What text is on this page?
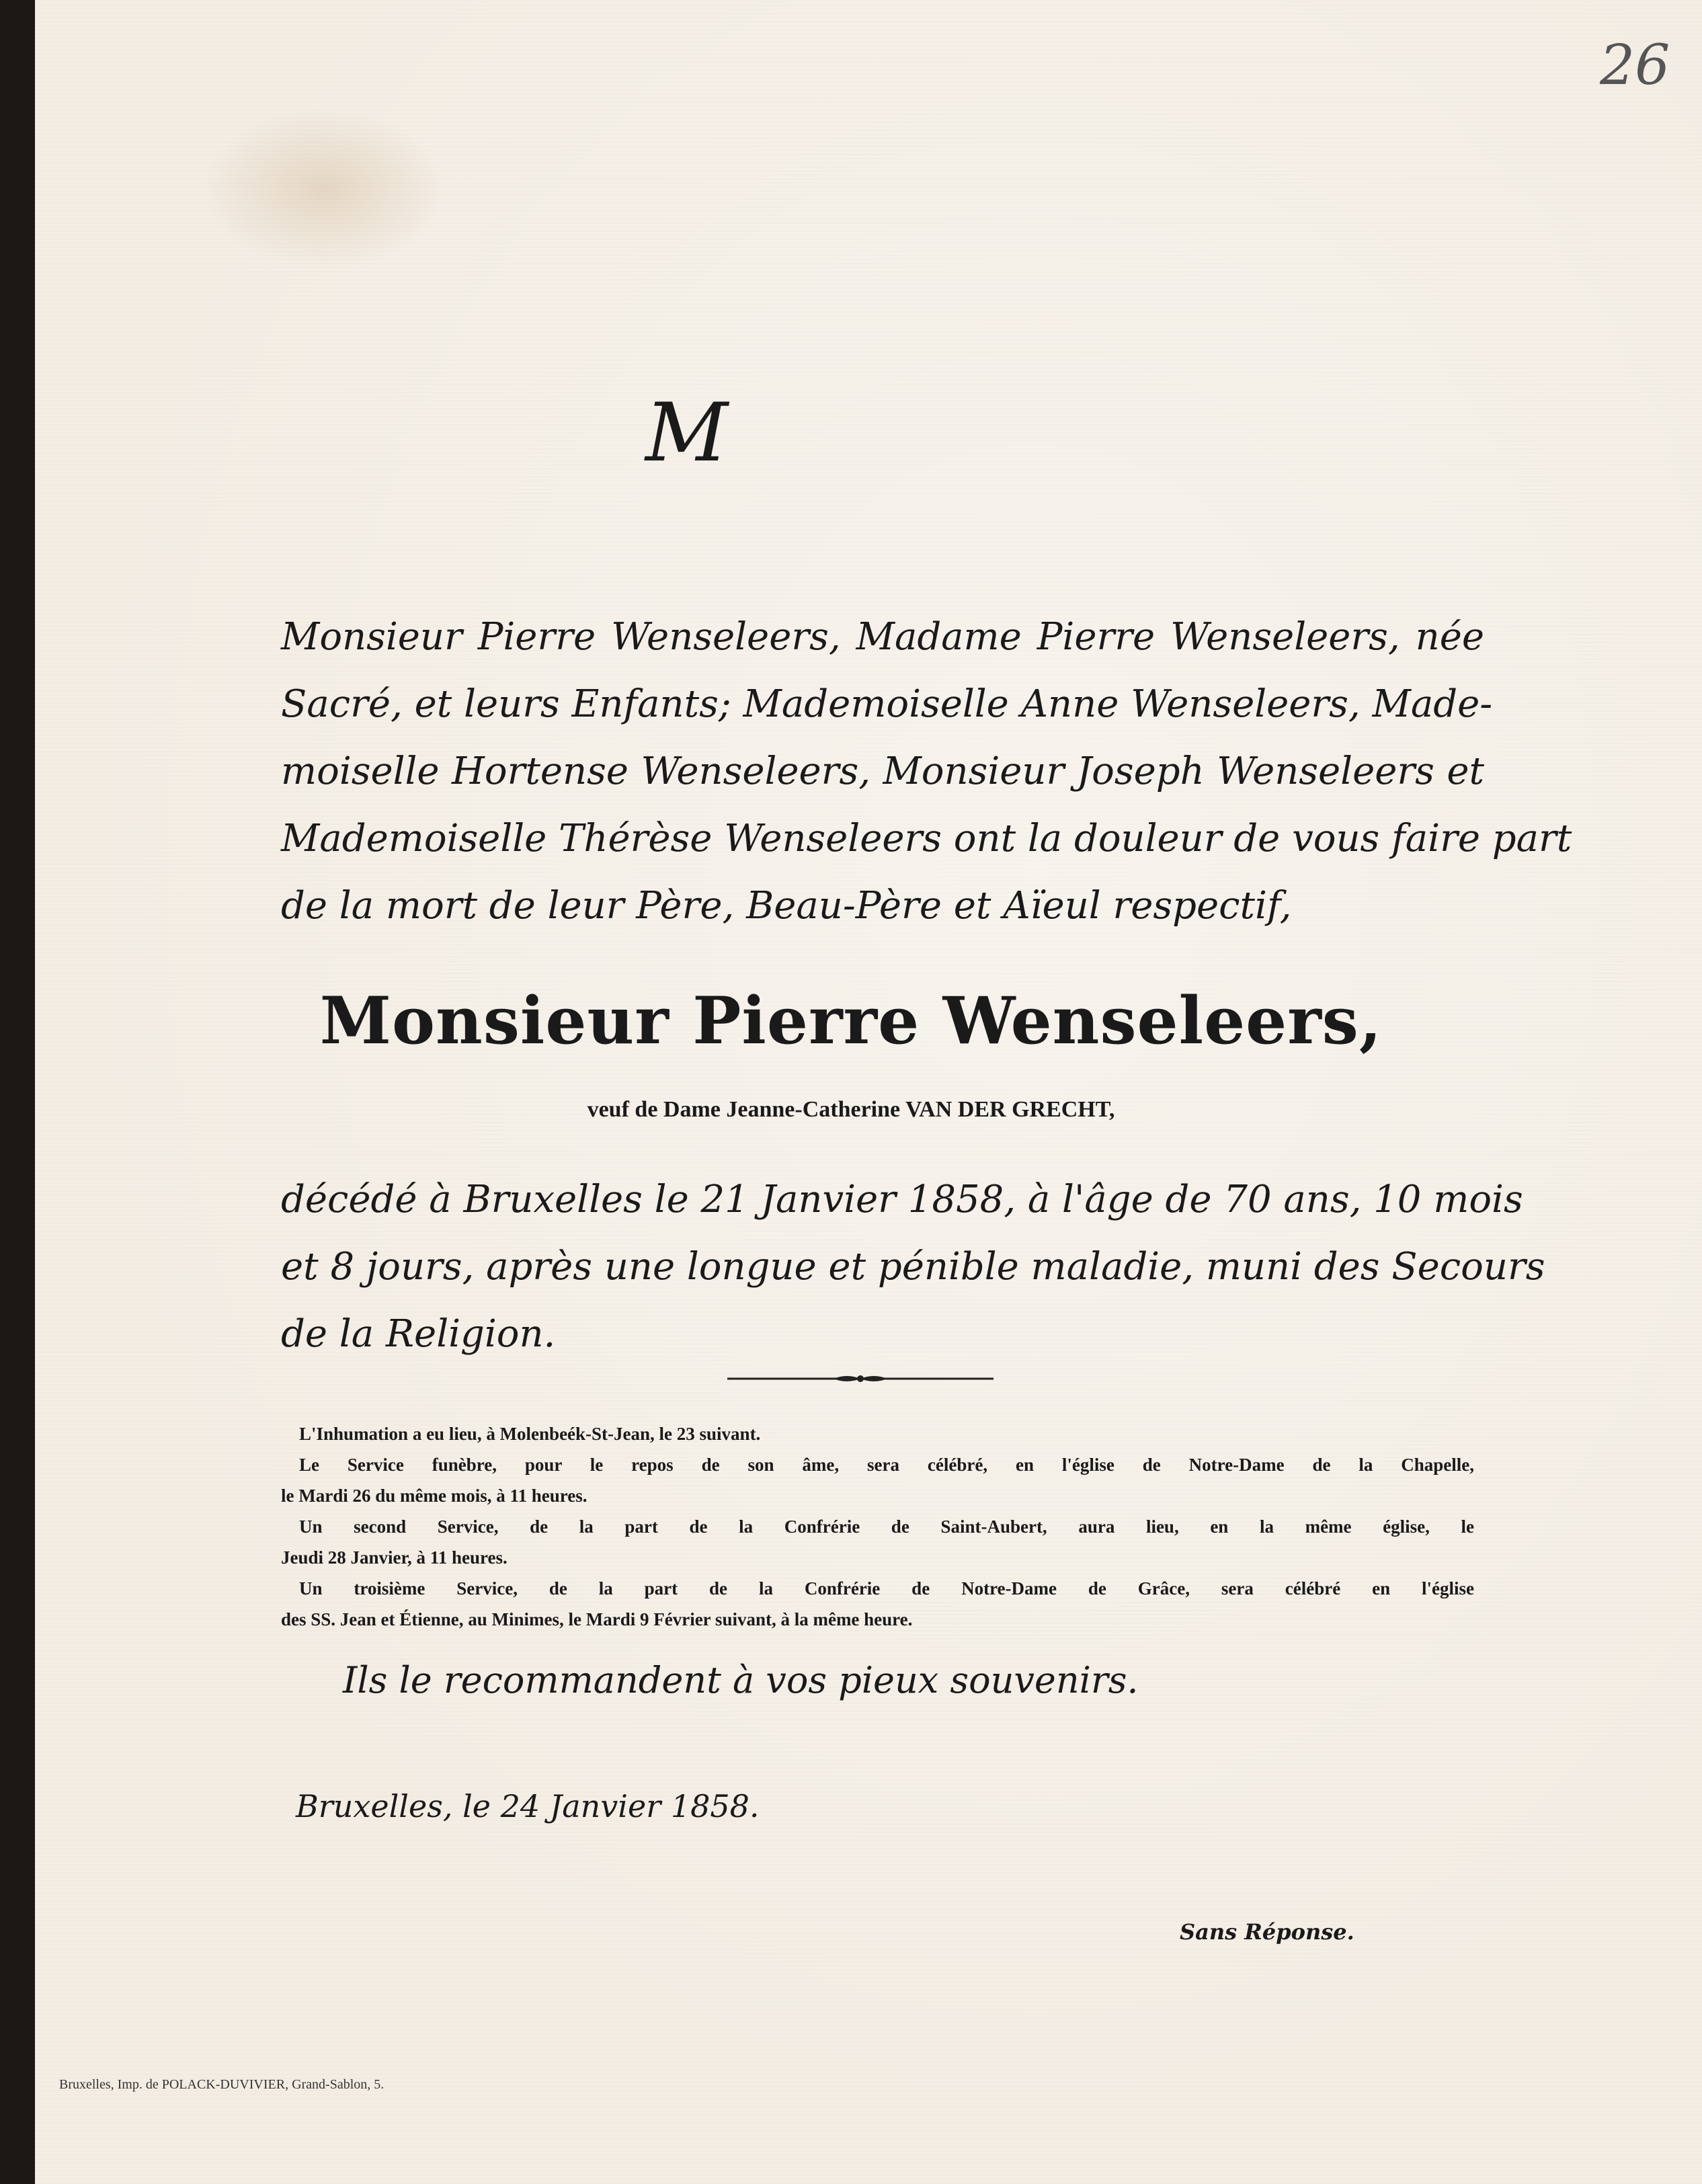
26

M

Monsieur Pierre Wenseleers, Madame Pierre Wenseleers, née

Sacré, et leurs Enfants; Mademoiselle Anne Wenseleers, Made-

moiselle Hortense Wenseleers, Monsieur Joseph Wenseleers et

Mademoiselle Thérèse Wenseleers ont la douleur de vous faire part

de la mort de leur Père, Beau-Père et Aïeul respectif,

Monsieur Pierre Wenseleers,

veuf de Dame Jeanne-Catherine VAN DER GRECHT,

décédé à Bruxelles le 21 Janvier 1858, à l'âge de 70 ans, 10 mois

et 8 jours, après une longue et pénible maladie, muni des Secours

de la Religion.

L'Inhumation a eu lieu, à Molenbeék-St-Jean, le 23 suivant.

Le Service funèbre, pour le repos de son âme, sera célébré, en l'église de Notre-Dame de la Chapelle,

le Mardi 26 du même mois, à 11 heures.

Un second Service, de la part de la Confrérie de Saint-Aubert, aura lieu, en la même église, le

Jeudi 28 Janvier, à 11 heures.

Un troisième Service, de la part de la Confrérie de Notre-Dame de Grâce, sera célébré en l'église

des SS. Jean et Étienne, au Minimes, le Mardi 9 Février suivant, à la même heure.

Ils le recommandent à vos pieux souvenirs.

Bruxelles, le 24 Janvier 1858.

Sans Réponse.

Bruxelles, Imp. de POLACK-DUVIVIER, Grand-Sablon, 5.
